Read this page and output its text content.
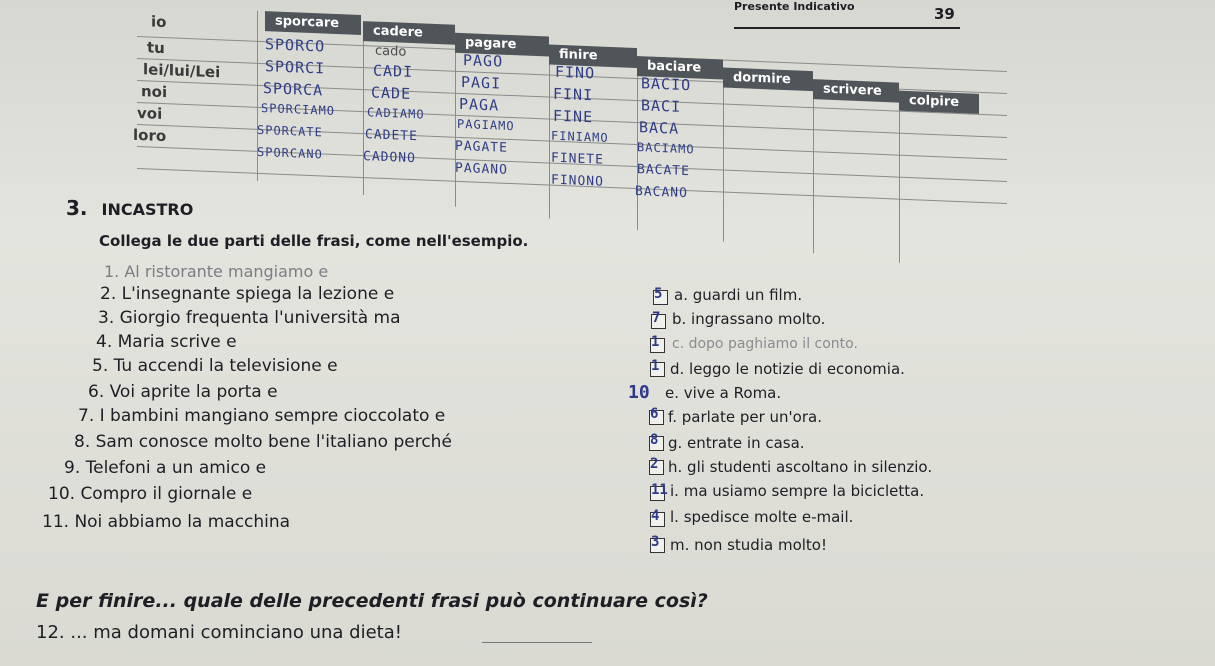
Presente Indicativo	39
io
tu
lei/lui/Lei
noi
voi
loro
sporcare
cadere
pagare
finire
baciare
dormire
scrivere
colpire
cado
SPORCO
SPORCI
SPORCA
SPORCIAMO
SPORCATE
SPORCANO
CADI
CADE
CADIAMO
CADETE
CADONO
PAGO
PAGI
PAGA
PAGIAMO
PAGATE
PAGANO
FINO
FINI
FINE
FINIAMO
FINETE
FINONO
BACIO
BACI
BACA
BACIAMO
BACATE
BACANO
3. INCASTRO
Collega le due parti delle frasi, come nell'esempio.
1. Al ristorante mangiamo e
2. L'insegnante spiega la lezione e
3. Giorgio frequenta l'università ma
4. Maria scrive e
5. Tu accendi la televisione e
6. Voi aprite la porta e
7. I bambini mangiano sempre cioccolato e
8. Sam conosce molto bene l'italiano perché
9. Telefoni a un amico e
10. Compro il giornale e
11. Noi abbiamo la macchina
5 a. guardi un film.
7 b. ingrassano molto.
1 c. dopo paghiamo il conto.
1 d. leggo le notizie di economia.
10 e. vive a Roma.
6 f. parlate per un'ora.
8 g. entrate in casa.
2 h. gli studenti ascoltano in silenzio.
11 i. ma usiamo sempre la bicicletta.
4 l. spedisce molte e-mail.
3 m. non studia molto!
E per finire... quale delle precedenti frasi può continuare così?
12. ... ma domani cominciano una dieta!
